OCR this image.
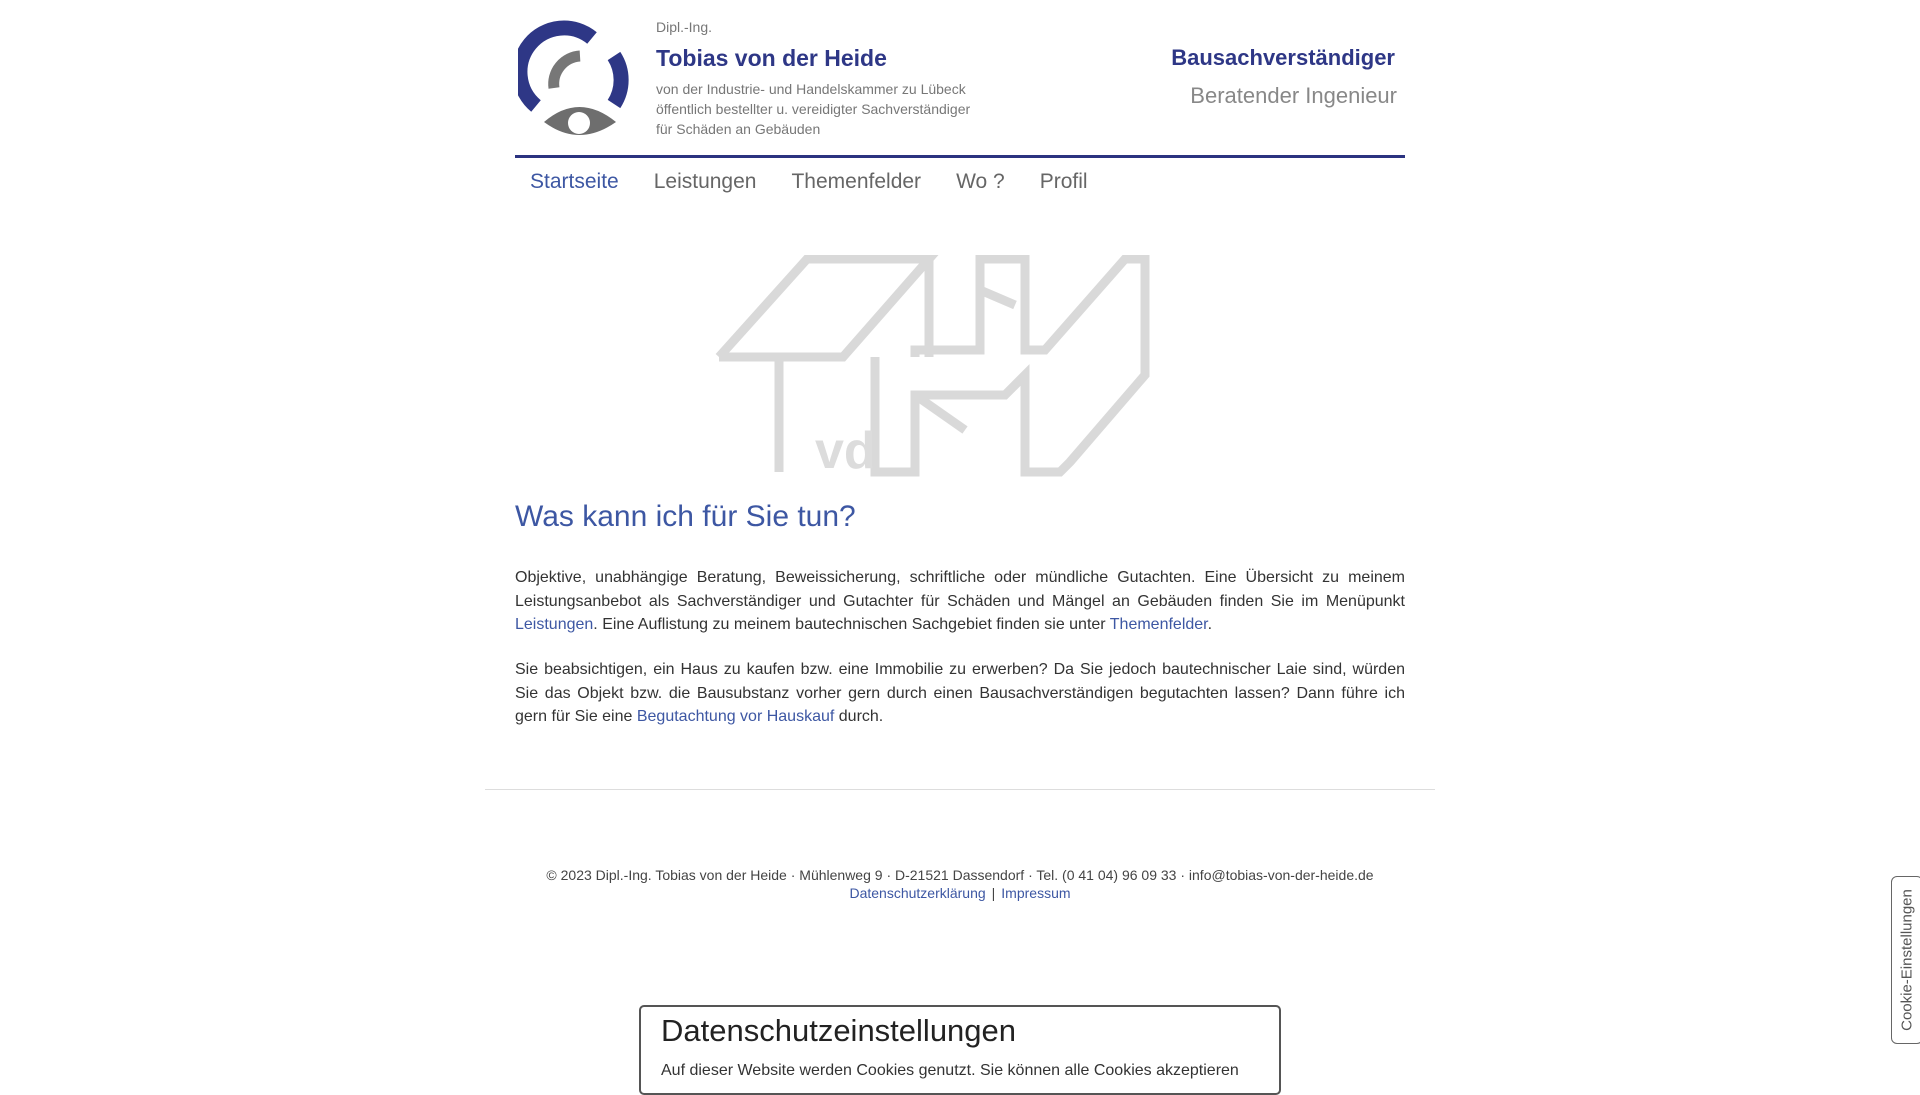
Dipl.-Ing.
Tobias von der Heide
von der Industrie- und Handelskammer zu Lübeck
öffentlich bestellter u. vereidigter Sachverständiger
für Schäden an Gebäuden
Bausachverständiger
Beratender Ingenieur
Startseite	Leistungen	Themenfelder	Wo ?	Profil
vd
Was kann ich für Sie tun?

Objektive, unabhängige Beratung, Beweissicherung, schriftliche oder mündliche Gutachten. Eine Übersicht zu meinem Leistungsanbebot als Sachverständiger und Gutachter für Schäden und Mängel an Gebäuden finden Sie im Menüpunkt Leistungen. Eine Auflistung zu meinem bautechnischen Sachgebiet finden sie unter Themenfelder.

Sie beabsichtigen, ein Haus zu kaufen bzw. eine Immobilie zu erwerben? Da Sie jedoch bautechnischer Laie sind, würden Sie das Objekt bzw. die Bausubstanz vorher gern durch einen Bausachverständigen begutachten lassen? Dann führe ich gern für Sie eine Begutachtung vor Hauskauf durch.

© 2023 Dipl.-Ing. Tobias von der Heide · Mühlenweg 9 · D-21521 Dassendorf · Tel. (0 41 04) 96 09 33 · info@tobias-von-der-heide.de
Datenschutzerklärung | Impressum	Cookie-Einstellungen
Datenschutzeinstellungen
Auf dieser Website werden Cookies genutzt. Sie können alle Cookies akzeptieren
